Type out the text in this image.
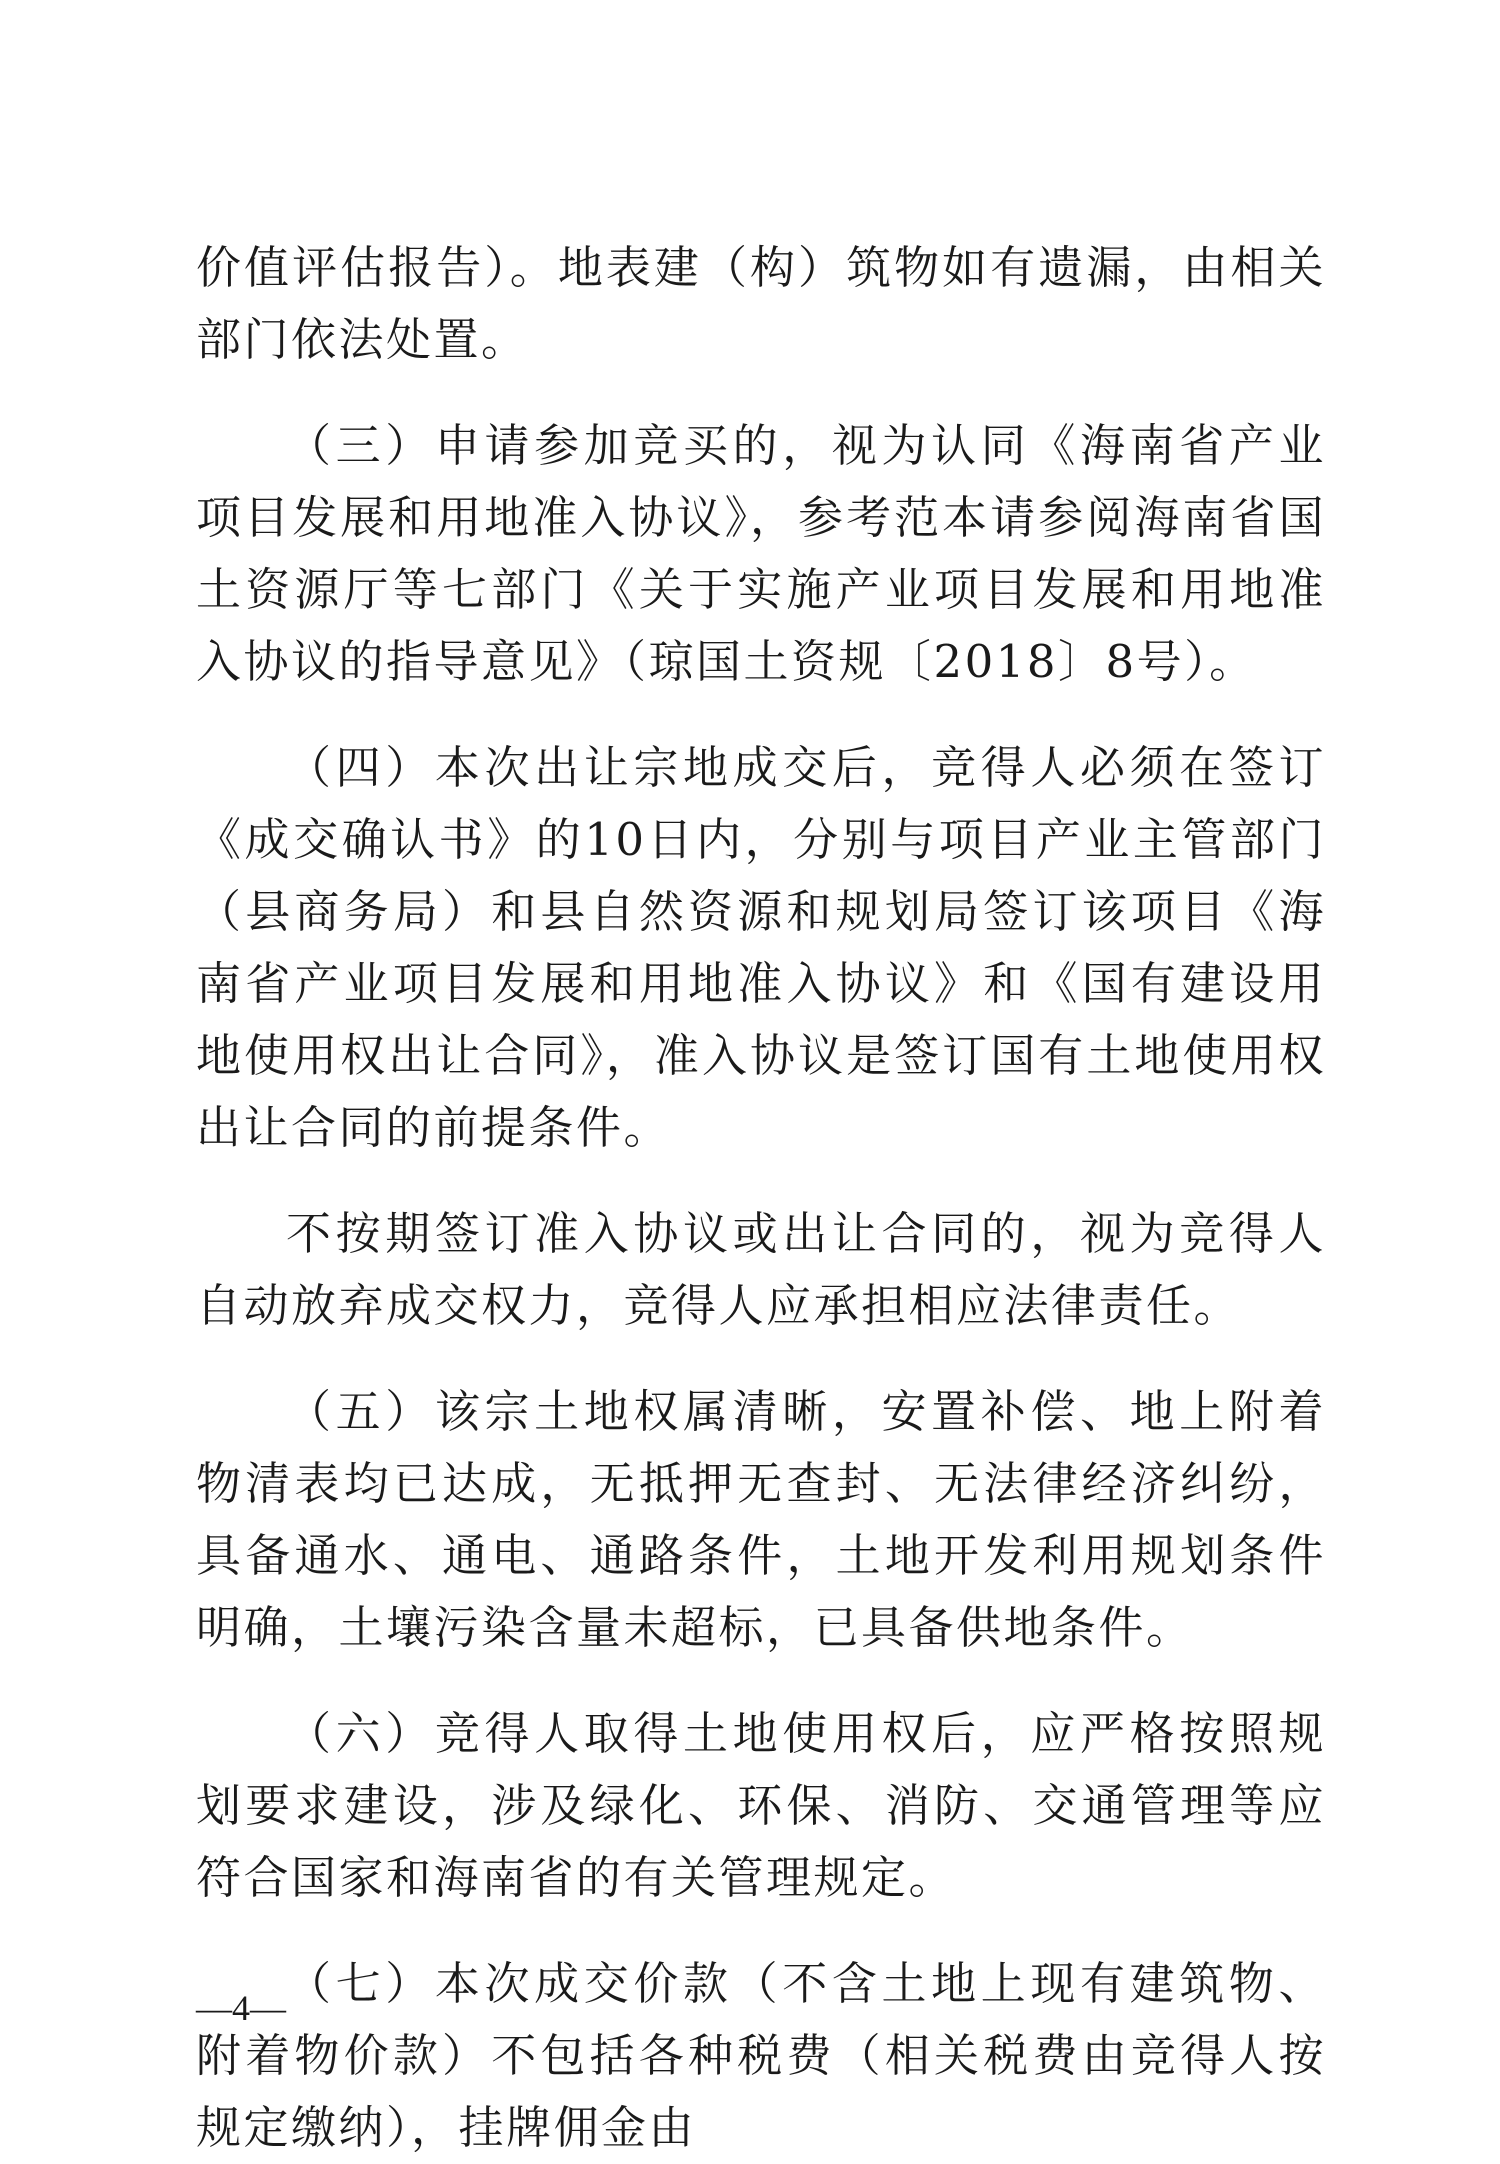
价值评估报告）。地表建（构）筑物如有遗漏，由相关部门依法处置。

（三）申请参加竞买的，视为认同《海南省产业项目发展和用地准入协议》，参考范本请参阅海南省国土资源厅等七部门《关于实施产业项目发展和用地准入协议的指导意见》（琼国土资规〔2018〕8号）。

（四）本次出让宗地成交后，竞得人必须在签订《成交确认书》的10日内，分别与项目产业主管部门（县商务局）和县自然资源和规划局签订该项目《海南省产业项目发展和用地准入协议》和《国有建设用地使用权出让合同》，准入协议是签订国有土地使用权出让合同的前提条件。

不按期签订准入协议或出让合同的，视为竞得人自动放弃成交权力，竞得人应承担相应法律责任。

（五）该宗土地权属清晰，安置补偿、地上附着物清表均已达成，无抵押无查封、无法律经济纠纷，具备通水、通电、通路条件，土地开发利用规划条件明确，土壤污染含量未超标，已具备供地条件。

（六）竞得人取得土地使用权后，应严格按照规划要求建设，涉及绿化、环保、消防、交通管理等应符合国家和海南省的有关管理规定。

（七）本次成交价款（不含土地上现有建筑物、附着物价款）不包括各种税费（相关税费由竞得人按规定缴纳），挂牌佣金由

—4—
